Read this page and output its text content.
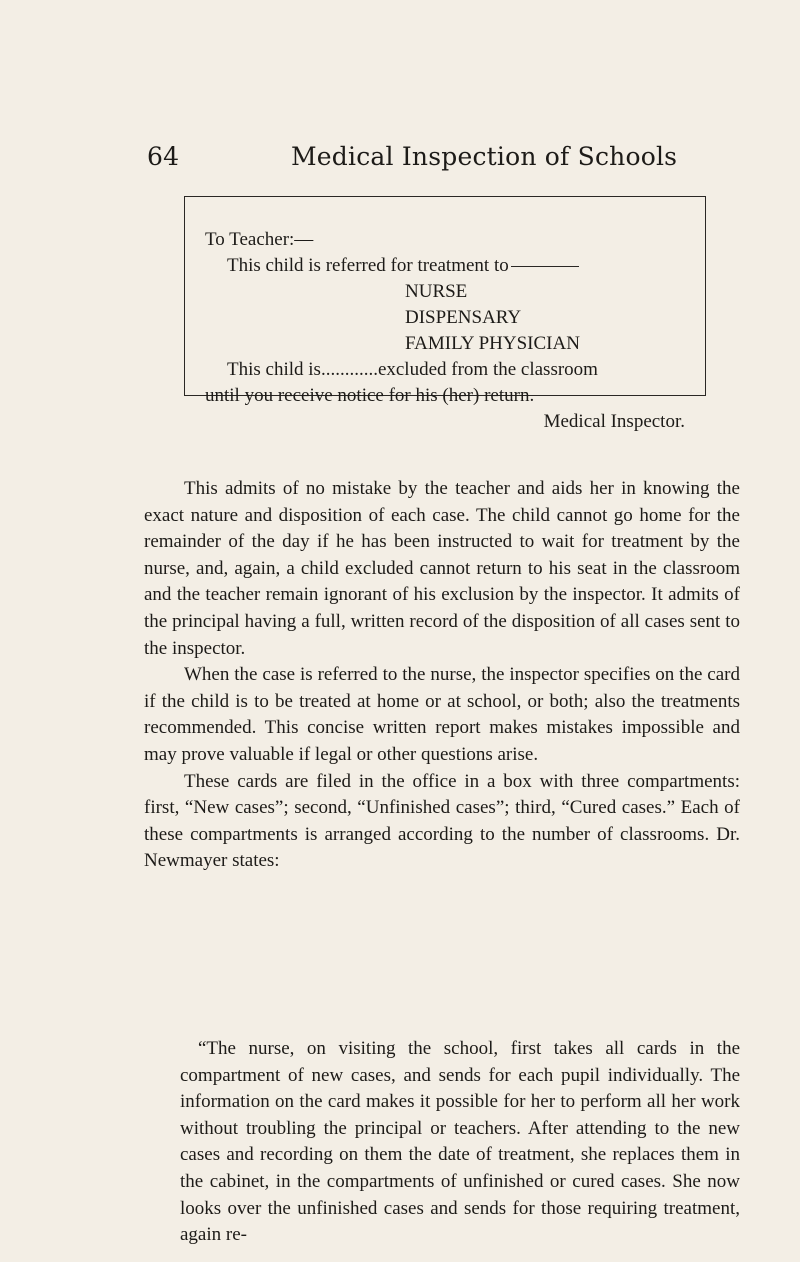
64	Medical Inspection of Schools
To Teacher:—
This child is referred for treatment to
NURSE
DISPENSARY
FAMILY PHYSICIAN
This child is............excluded from the classroom
until you receive notice for his (her) return.
Medical Inspector.

This admits of no mistake by the teacher and aids her in knowing the exact nature and disposition of each case. The child cannot go home for the remainder of the day if he has been instructed to wait for treatment by the nurse, and, again, a child excluded cannot return to his seat in the classroom and the teacher remain ignorant of his exclusion by the inspector. It admits of the principal having a full, written record of the disposition of all cases sent to the inspector.

When the case is referred to the nurse, the inspector specifies on the card if the child is to be treated at home or at school, or both; also the treatments recommended. This concise written report makes mistakes impossible and may prove valuable if legal or other questions arise.

These cards are filed in the office in a box with three compartments: first, “New cases”; second, “Unfinished cases”; third, “Cured cases.” Each of these compartments is arranged according to the number of classrooms. Dr. Newmayer states:

“The nurse, on visiting the school, first takes all cards in the compartment of new cases, and sends for each pupil individually. The information on the card makes it possible for her to perform all her work without troubling the principal or teachers. After attending to the new cases and recording on them the date of treatment, she replaces them in the cabinet, in the compartments of unfinished or cured cases. She now looks over the unfinished cases and sends for those requiring treatment, again re-
